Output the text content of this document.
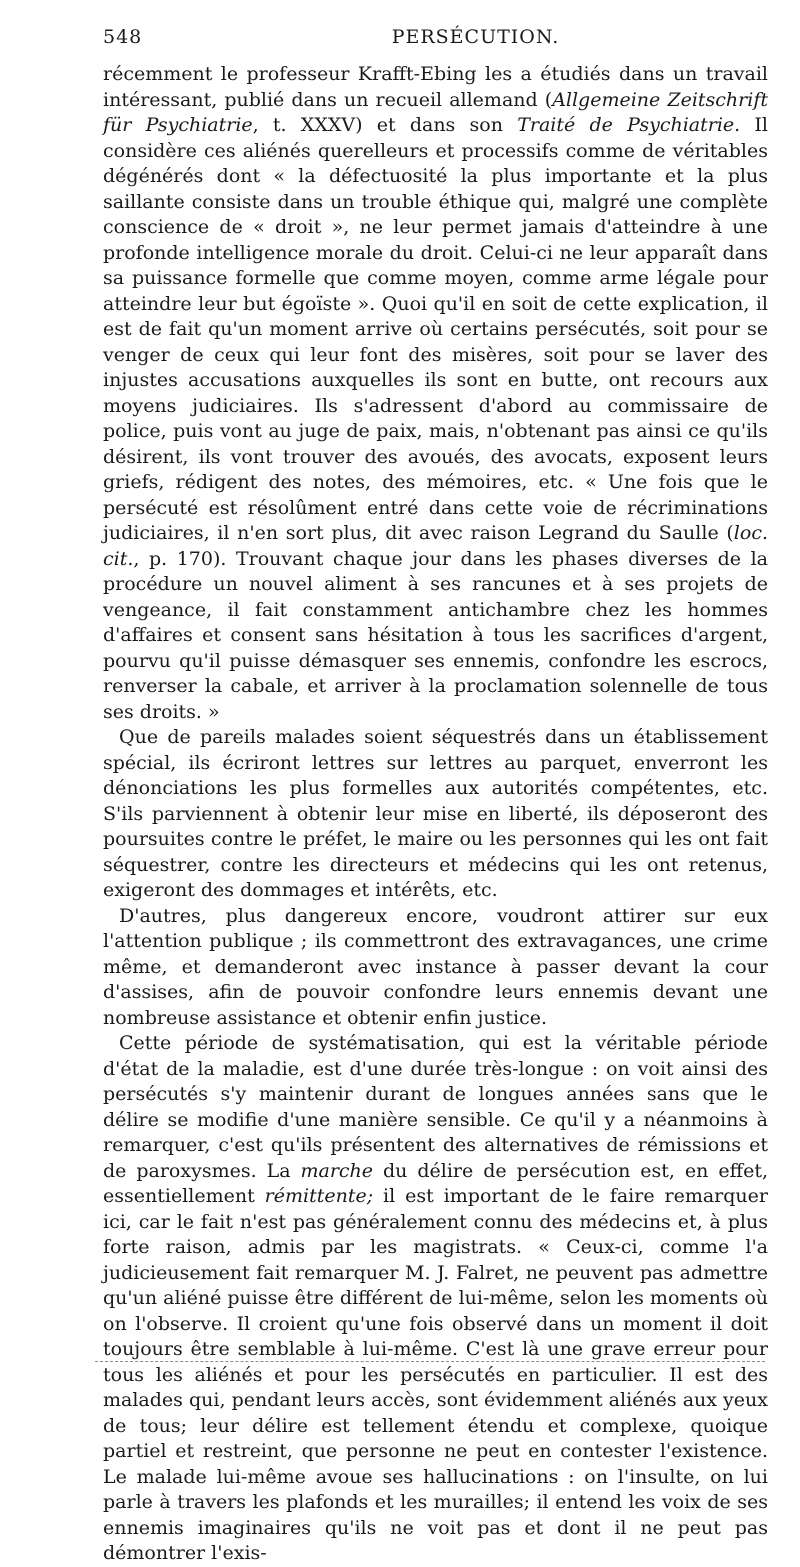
548	PERSÉCUTION.

récemment le professeur Krafft-Ebing les a étudiés dans un travail intéressant, publié dans un recueil allemand (Allgemeine Zeitschrift für Psychiatrie, t. XXXV) et dans son Traité de Psychiatrie. Il considère ces aliénés querelleurs et processifs comme de véritables dégénérés dont « la défectuosité la plus importante et la plus saillante consiste dans un trouble éthique qui, malgré une complète conscience de « droit », ne leur permet jamais d'atteindre à une profonde intelligence morale du droit. Celui-ci ne leur apparaît dans sa puissance formelle que comme moyen, comme arme légale pour atteindre leur but égoïste ». Quoi qu'il en soit de cette explication, il est de fait qu'un moment arrive où certains persécutés, soit pour se venger de ceux qui leur font des misères, soit pour se laver des injustes accusations auxquelles ils sont en butte, ont recours aux moyens judiciaires. Ils s'adressent d'abord au commissaire de police, puis vont au juge de paix, mais, n'obtenant pas ainsi ce qu'ils désirent, ils vont trouver des avoués, des avocats, exposent leurs griefs, rédigent des notes, des mémoires, etc. « Une fois que le persécuté est résolûment entré dans cette voie de récriminations judiciaires, il n'en sort plus, dit avec raison Legrand du Saulle (loc. cit., p. 170). Trouvant chaque jour dans les phases diverses de la procédure un nouvel aliment à ses rancunes et à ses projets de vengeance, il fait constamment antichambre chez les hommes d'affaires et consent sans hésitation à tous les sacrifices d'argent, pourvu qu'il puisse démasquer ses ennemis, confondre les escrocs, renverser la cabale, et arriver à la proclamation solennelle de tous ses droits. »

Que de pareils malades soient séquestrés dans un établissement spécial, ils écriront lettres sur lettres au parquet, enverront les dénonciations les plus formelles aux autorités compétentes, etc. S'ils parviennent à obtenir leur mise en liberté, ils déposeront des poursuites contre le préfet, le maire ou les personnes qui les ont fait séquestrer, contre les directeurs et médecins qui les ont retenus, exigeront des dommages et intérêts, etc.

D'autres, plus dangereux encore, voudront attirer sur eux l'attention publique ; ils commettront des extravagances, une crime même, et demanderont avec instance à passer devant la cour d'assises, afin de pouvoir confondre leurs ennemis devant une nombreuse assistance et obtenir enfin justice.

Cette période de systématisation, qui est la véritable période d'état de la maladie, est d'une durée très-longue : on voit ainsi des persécutés s'y maintenir durant de longues années sans que le délire se modifie d'une manière sensible. Ce qu'il y a néanmoins à remarquer, c'est qu'ils présentent des alternatives de rémissions et de paroxysmes. La marche du délire de persécution est, en effet, essentiellement rémittente; il est important de le faire remarquer ici, car le fait n'est pas généralement connu des médecins et, à plus forte raison, admis par les magistrats. « Ceux-ci, comme l'a judicieusement fait remarquer M. J. Falret, ne peuvent pas admettre qu'un aliéné puisse être différent de lui-même, selon les moments où on l'observe. Il croient qu'une fois observé dans un moment il doit toujours être semblable à lui-même. C'est là une grave erreur pour tous les aliénés et pour les persécutés en particulier. Il est des malades qui, pendant leurs accès, sont évidemment aliénés aux yeux de tous; leur délire est tellement étendu et complexe, quoique partiel et restreint, que personne ne peut en contester l'existence. Le malade lui-même avoue ses hallucinations : on l'insulte, on lui parle à travers les plafonds et les murailles; il entend les voix de ses ennemis imaginaires qu'ils ne voit pas et dont il ne peut pas démontrer l'exis-
